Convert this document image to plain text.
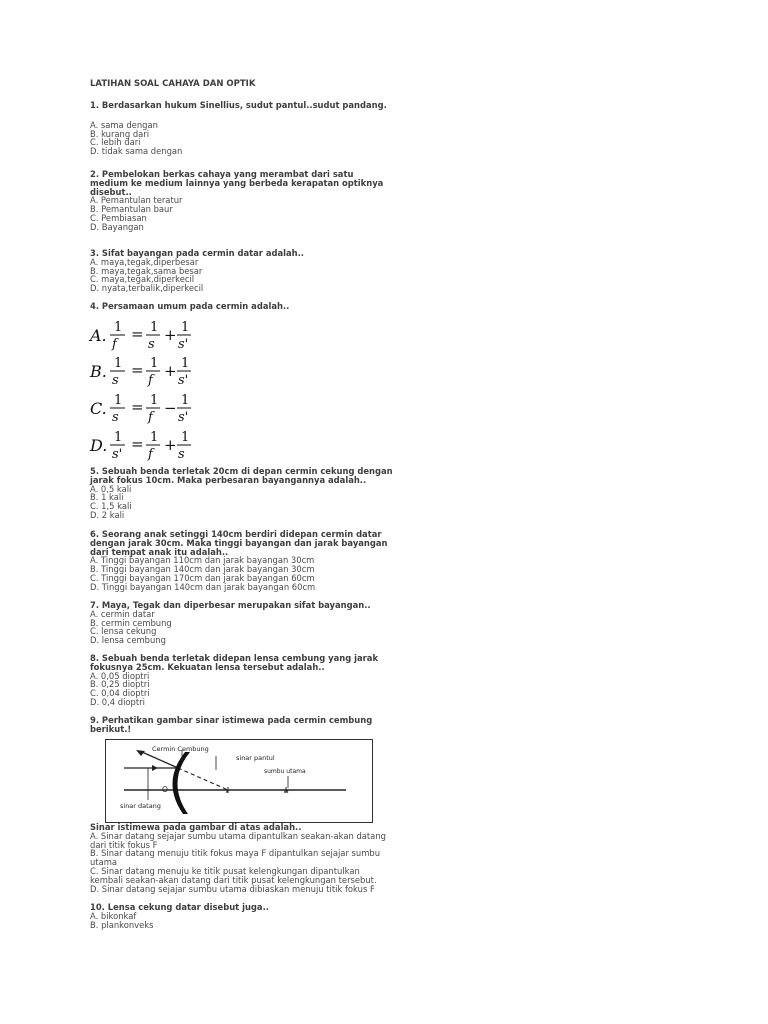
LATIHAN SOAL CAHAYA DAN OPTIK
1. Berdasarkan hukum Sinellius, sudut pantul..sudut pandang.
A. sama dengan
B. kurang dari
C. lebih dari
D. tidak sama dengan
2. Pembelokan berkas cahaya yang merambat dari satu
medium ke medium lainnya yang berbeda kerapatan optiknya
disebut..
A. Pemantulan teratur
B. Pemantulan baur
C. Pembiasan
D. Bayangan
3. Sifat bayangan pada cermin datar adalah..
A. maya,tegak,diperbesar
B. maya,tegak,sama besar
C. maya,tegak,diperkecil
D. nyata,terbalik,diperkecil
4. Persamaan umum pada cermin adalah..
A. 1
f
= 1
s
+ 1
s'
B. 1
s
= 1
f
+ 1
s'
C. 1
s
= 1
f
− 1
s'
D. 1
s'
= 1
f
+ 1
s
5. Sebuah benda terletak 20cm di depan cermin cekung dengan
jarak fokus 10cm. Maka perbesaran bayangannya adalah..
A. 0,5 kali
B. 1 kali
C. 1,5 kali
D. 2 kali
6. Seorang anak setinggi 140cm berdiri didepan cermin datar
dengan jarak 30cm. Maka tinggi bayangan dan jarak bayangan
dari tempat anak itu adalah..
A. Tinggi bayangan 110cm dan jarak bayangan 30cm
B. Tinggi bayangan 140cm dan jarak bayangan 30cm
C. Tinggi bayangan 170cm dan jarak bayangan 60cm
D. Tinggi bayangan 140cm dan jarak bayangan 60cm
7. Maya, Tegak dan diperbesar merupakan sifat bayangan..
A. cermin datar
B. cermin cembung
C. lensa cekung
D. lensa cembung
8. Sebuah benda terletak didepan lensa cembung yang jarak
fokusnya 25cm. Kekuatan lensa tersebut adalah..
A. 0,05 dioptri
B. 0,25 dioptri
C. 0,04 dioptri
D. 0,4 dioptri
9. Perhatikan gambar sinar istimewa pada cermin cembung
berikut.!
Cermin Cembung
sinar pantul
sumbu utama
sinar datang
O	F	M
Sinar istimewa pada gambar di atas adalah..
A. Sinar datang sejajar sumbu utama dipantulkan seakan-akan datang
dari titik fokus F
B. Sinar datang menuju titik fokus maya F dipantulkan sejajar sumbu
utama
C. Sinar datang menuju ke titik pusat kelengkungan dipantulkan
kembali seakan-akan datang dari titik pusat kelengkungan tersebut.
D. Sinar datang sejajar sumbu utama dibiaskan menuju titik fokus F
10. Lensa cekung datar disebut juga..
A. bikonkaf
B. plankonveks
